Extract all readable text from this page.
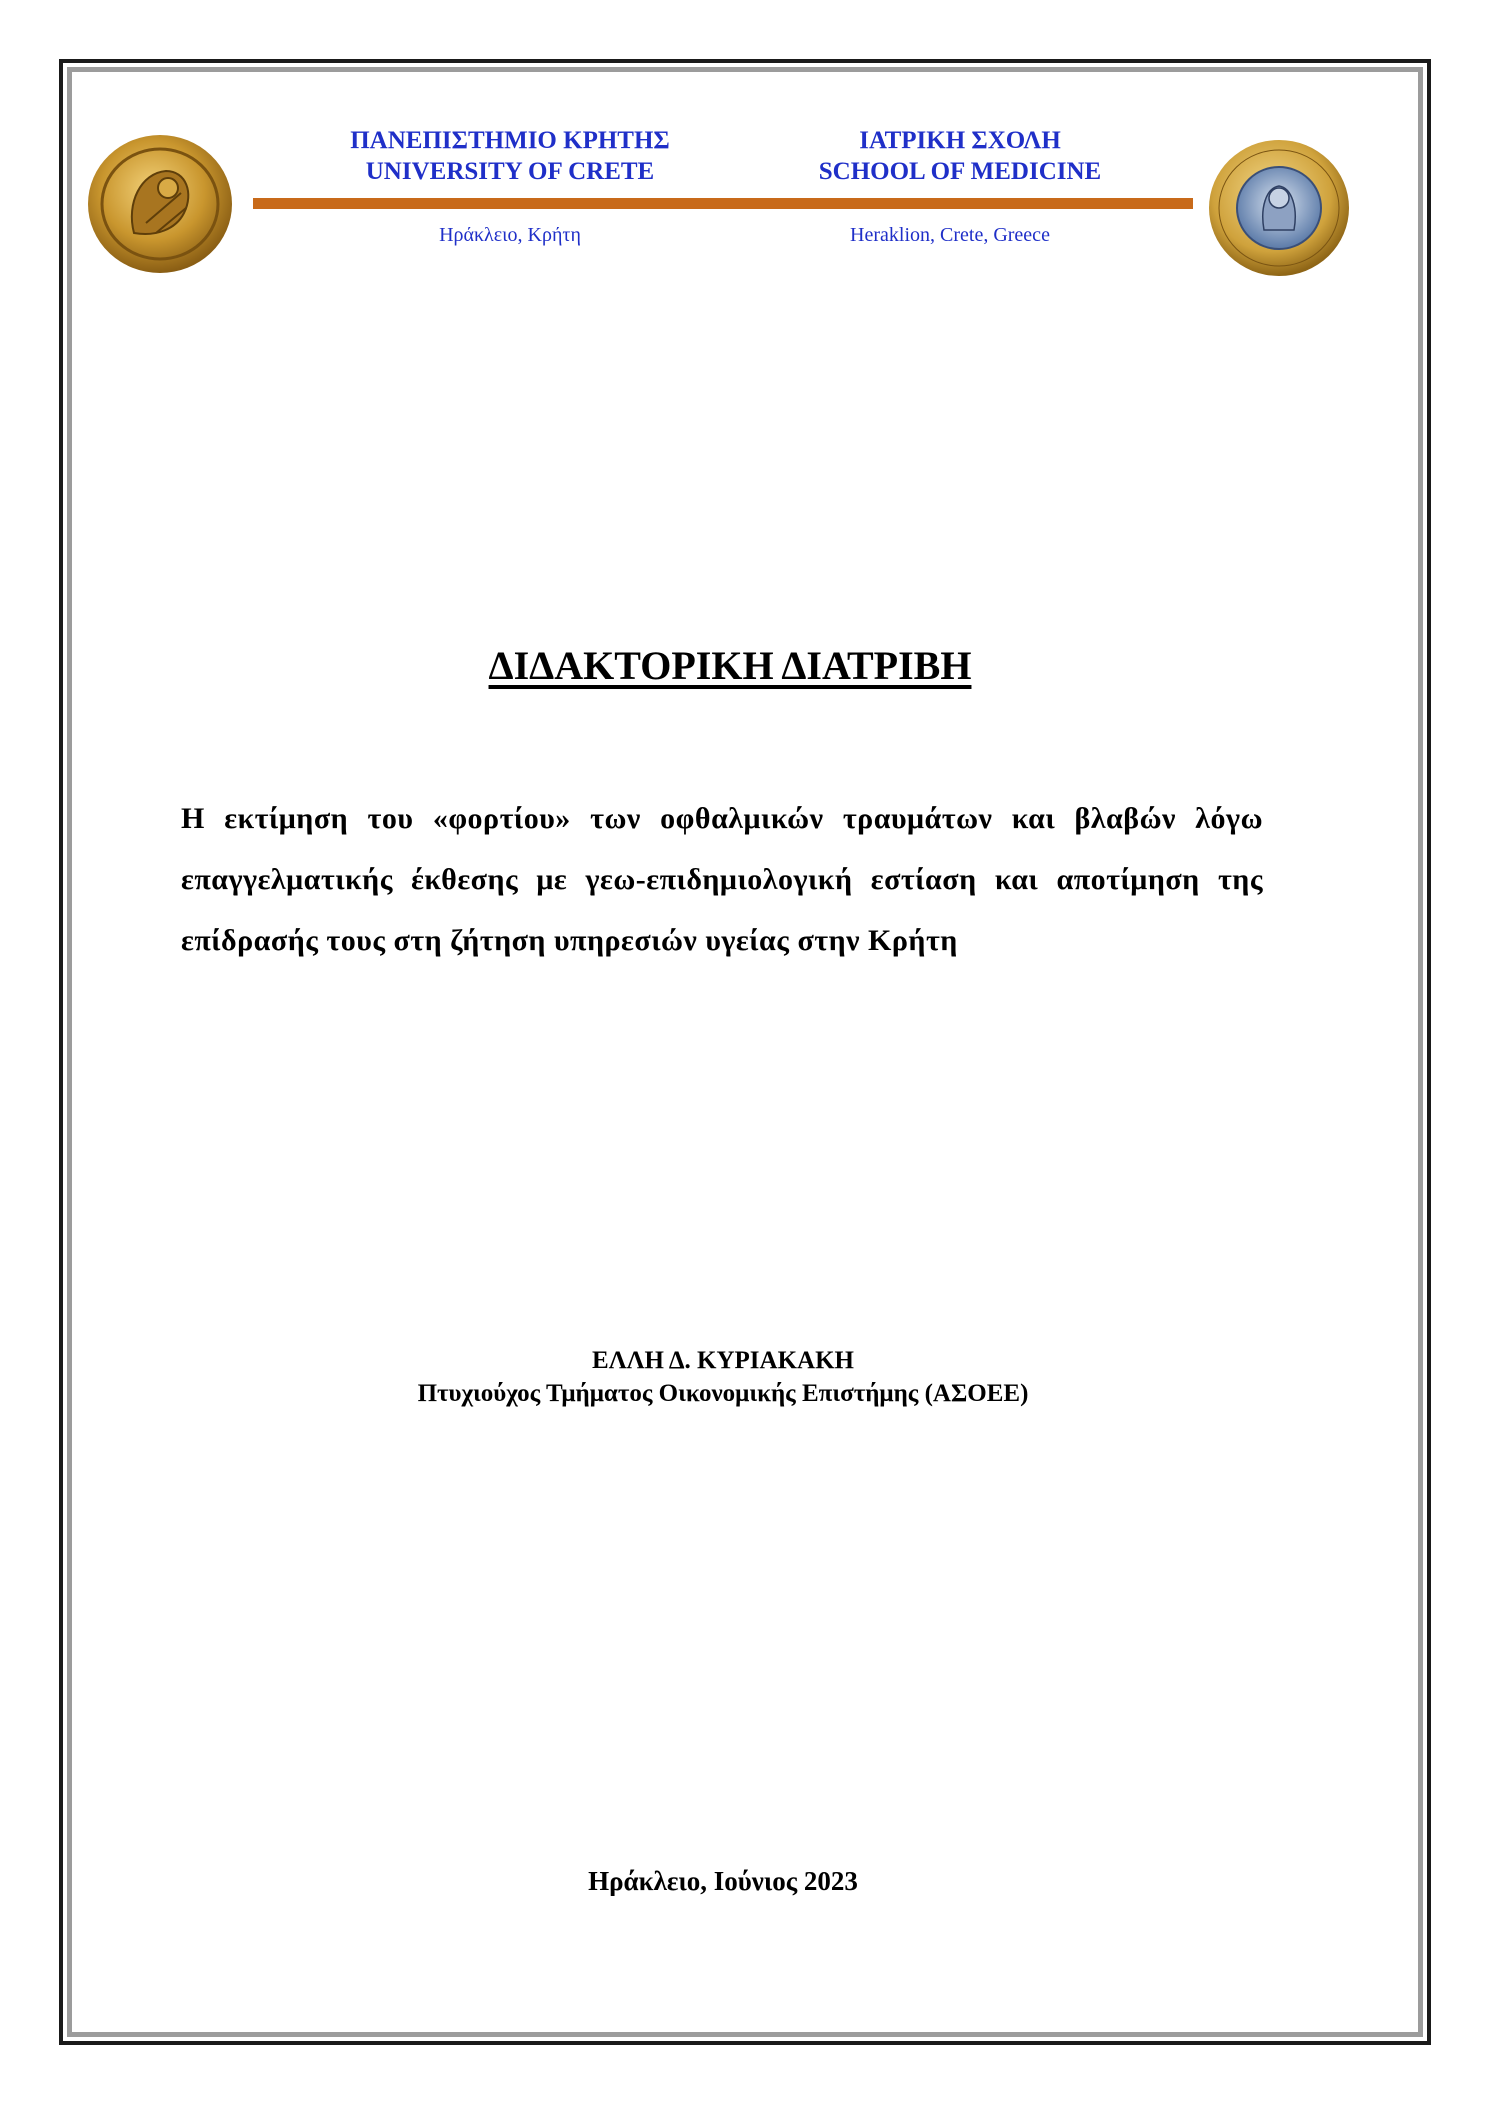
ΠΑΝΕΠΙΣΤΗΜΙΟ ΚΡΗΤΗΣ
UNIVERSITY OF CRETE
ΙΑΤΡΙΚΗ ΣΧΟΛΗ
SCHOOL OF MEDICINE
Ηράκλειο, Κρήτη	Heraklion, Crete, Greece
ΔΙΔΑΚΤΟΡΙΚΗ ΔΙΑΤΡΙΒΗ
Η εκτίμηση του «φορτίου» των οφθαλμικών τραυμάτων και βλαβών λόγω επαγγελματικής έκθεσης με γεω-επιδημιολογική εστίαση και αποτίμηση της επίδρασής τους στη ζήτηση υπηρεσιών υγείας στην Κρήτη
ΕΛΛΗ Δ. ΚΥΡΙΑΚΑΚΗ
Πτυχιούχος Τμήματος Οικονομικής Επιστήμης (ΑΣΟΕΕ)
Ηράκλειο, Ιούνιος 2023
